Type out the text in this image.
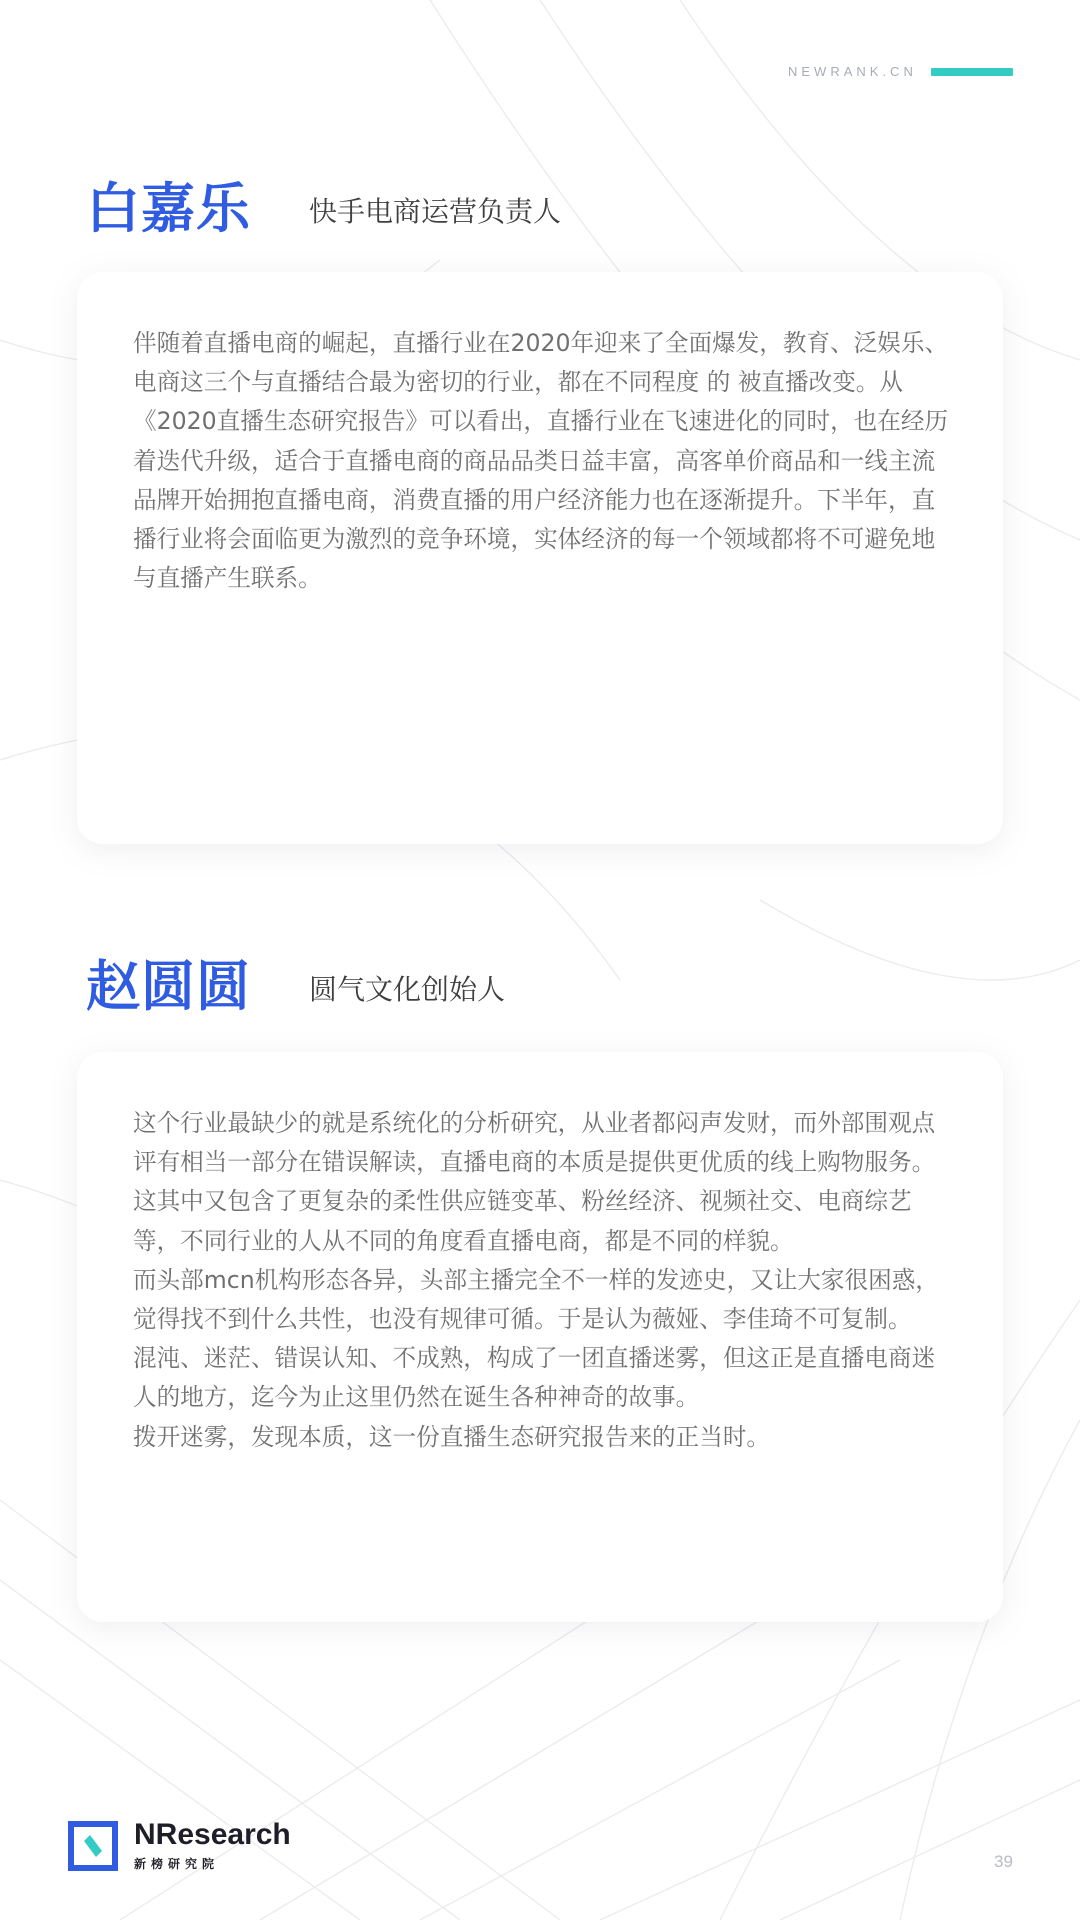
NEWRANK.CN
白嘉乐 快手电商运营负责人

伴随着直播电商的崛起，直播行业在2020年迎来了全面爆发，教育、泛娱乐、电商这三个与直播结合最为密切的行业，都在不同程度 的 被直播改变。从《2020直播生态研究报告》可以看出，直播行业在飞速进化的同时，也在经历着迭代升级，适合于直播电商的商品品类日益丰富，高客单价商品和一线主流品牌开始拥抱直播电商，消费直播的用户经济能力也在逐渐提升。下半年，直播行业将会面临更为激烈的竞争环境，实体经济的每一个领域都将不可避免地与直播产生联系。

赵圆圆 圆气文化创始人

这个行业最缺少的就是系统化的分析研究，从业者都闷声发财，而外部围观点评有相当一部分在错误解读，直播电商的本质是提供更优质的线上购物服务。这其中又包含了更复杂的柔性供应链变革、粉丝经济、视频社交、电商综艺等，不同行业的人从不同的角度看直播电商，都是不同的样貌。

而头部mcn机构形态各异，头部主播完全不一样的发迹史，又让大家很困惑，觉得找不到什么共性，也没有规律可循。于是认为薇娅、李佳琦不可复制。

混沌、迷茫、错误认知、不成熟，构成了一团直播迷雾，但这正是直播电商迷人的地方，迄今为止这里仍然在诞生各种神奇的故事。

拨开迷雾，发现本质，这一份直播生态研究报告来的正当时。

NResearch
新榜研究院	39
